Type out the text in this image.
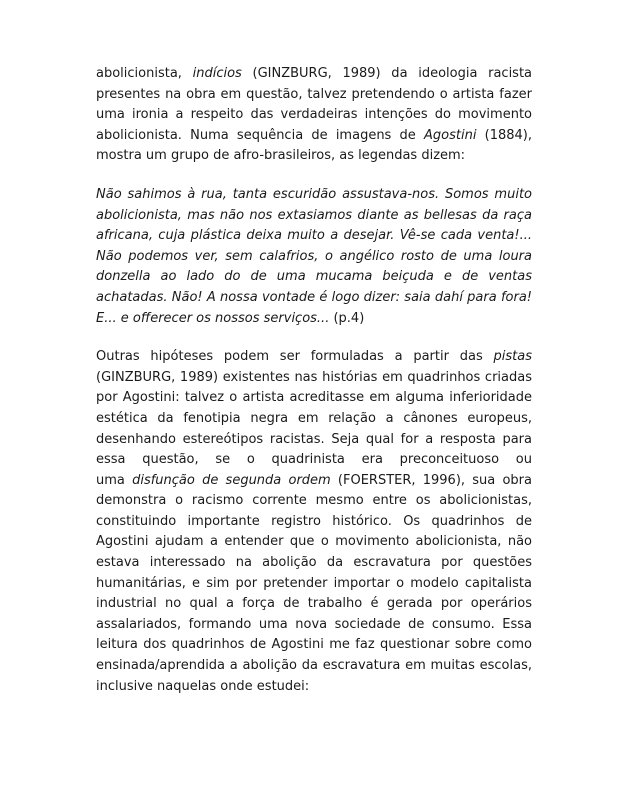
abolicionista, indícios (GINZBURG, 1989) da ideologia racista
presentes na obra em questão, talvez pretendendo o artista fazer
uma ironia a respeito das verdadeiras intenções do movimento
abolicionista. Numa sequência de imagens de Agostini (1884),
mostra um grupo de afro-brasileiros, as legendas dizem:
Não sahimos à rua, tanta escuridão assustava-nos. Somos muito
abolicionista, mas não nos extasiamos diante as bellesas da raça
africana, cuja plástica deixa muito a desejar. Vê-se cada venta!...
Não podemos ver, sem calafrios, o angélico rosto de uma loura
donzella ao lado do de uma mucama beiçuda e de ventas
achatadas. Não! A nossa vontade é logo dizer: saia dahí para fora!
E... e offerecer os nossos serviços... (p.4)
Outras hipóteses podem ser formuladas a partir das pistas
(GINZBURG, 1989) existentes nas histórias em quadrinhos criadas
por Agostini: talvez o artista acreditasse em alguma inferioridade
estética da fenotipia negra em relação a cânones europeus,
desenhando estereótipos racistas. Seja qual for a resposta para
essa questão, se o quadrinista era preconceituoso ou
uma disfunção de segunda ordem (FOERSTER, 1996), sua obra
demonstra o racismo corrente mesmo entre os abolicionistas,
constituindo importante registro histórico. Os quadrinhos de
Agostini ajudam a entender que o movimento abolicionista, não
estava interessado na abolição da escravatura por questões
humanitárias, e sim por pretender importar o modelo capitalista
industrial no qual a força de trabalho é gerada por operários
assalariados, formando uma nova sociedade de consumo. Essa
leitura dos quadrinhos de Agostini me faz questionar sobre como
ensinada/aprendida a abolição da escravatura em muitas escolas,
inclusive naquelas onde estudei:
